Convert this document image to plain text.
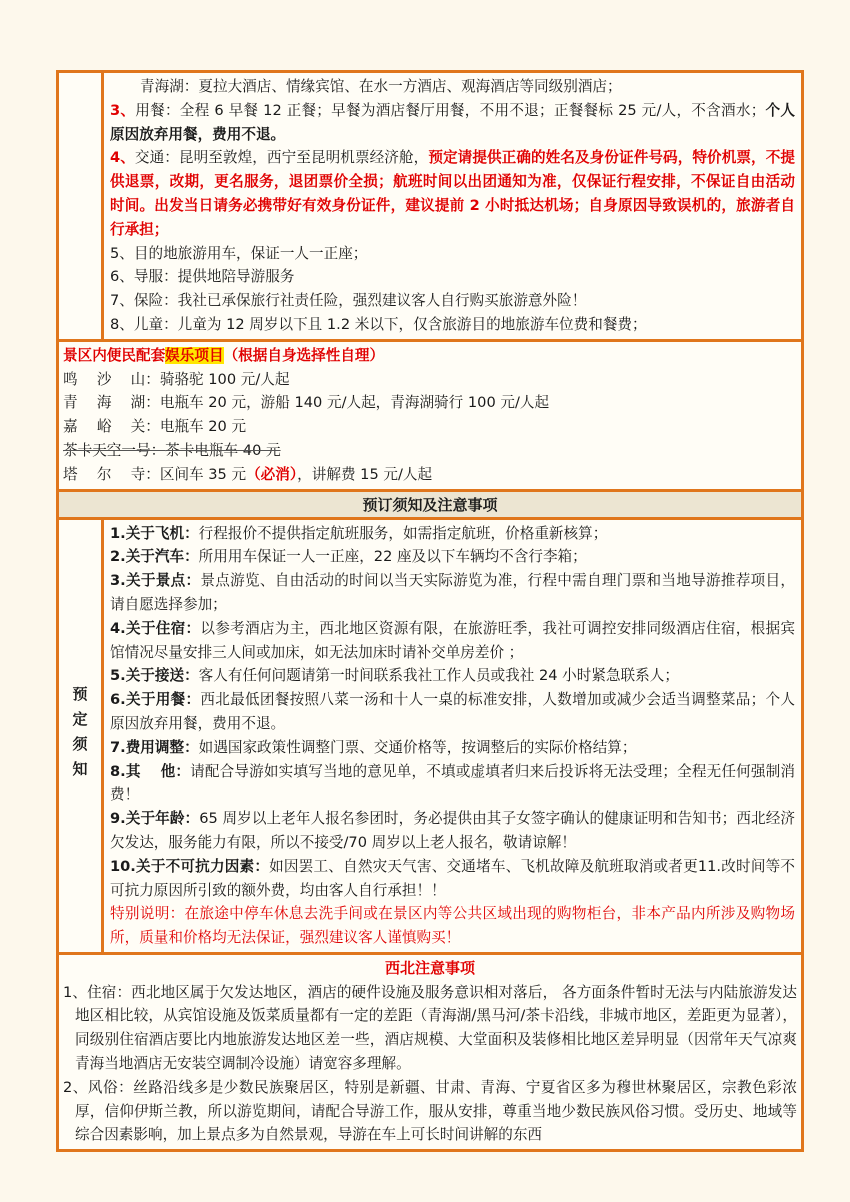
青海湖：夏拉大酒店、情缘宾馆、在水一方酒店、观海酒店等同级别酒店；
3、用餐：全程 6 早餐 12 正餐；早餐为酒店餐厅用餐，不用不退；正餐餐标 25 元/人，不含酒水；个人原因放弃用餐，费用不退。
4、交通：昆明至敦煌，西宁至昆明机票经济舱，预定请提供正确的姓名及身份证件号码，特价机票，不提供退票，改期，更名服务，退团票价全损；航班时间以出团通知为准，仅保证行程安排，不保证自由活动时间。出发当日请务必携带好有效身份证件，建议提前 2 小时抵达机场；自身原因导致误机的，旅游者自行承担；
5、目的地旅游用车，保证一人一正座；
6、导服：提供地陪导游服务
7、保险：我社已承保旅行社责任险，强烈建议客人自行购买旅游意外险！
8、儿童：儿童为 12 周岁以下且 1.2 米以下，仅含旅游目的地旅游车位费和餐费；
景区内便民配套娱乐项目（根据自身选择性自理）
鸣　 沙　 山：骑骆驼 100 元/人起
青　 海　 湖：电瓶车 20 元，游船 140 元/人起，青海湖骑行 100 元/人起
嘉　 峪　 关：电瓶车 20 元
茶卡天空一号：茶卡电瓶车 40 元
塔　 尔　 寺：区间车 35 元（必消），讲解费 15 元/人起
预订须知及注意事项
预定须知
1.关于飞机：行程报价不提供指定航班服务，如需指定航班，价格重新核算；
2.关于汽车：所用用车保证一人一正座，22 座及以下车辆均不含行李箱；
3.关于景点：景点游览、自由活动的时间以当天实际游览为准，行程中需自理门票和当地导游推荐项目，请自愿选择参加；
4.关于住宿：以参考酒店为主，西北地区资源有限，在旅游旺季，我社可调控安排同级酒店住宿，根据宾馆情况尽量安排三人间或加床，如无法加床时请补交单房差价 ；
5.关于接送：客人有任何问题请第一时间联系我社工作人员或我社 24 小时紧急联系人；
6.关于用餐：西北最低团餐按照八菜一汤和十人一桌的标准安排，人数增加或减少会适当调整菜品；个人原因放弃用餐，费用不退。
7.费用调整：如遇国家政策性调整门票、交通价格等，按调整后的实际价格结算；
8.其　 他：请配合导游如实填写当地的意见单，不填或虚填者归来后投诉将无法受理；全程无任何强制消费！
9.关于年龄：65 周岁以上老年人报名参团时，务必提供由其子女签字确认的健康证明和告知书；西北经济欠发达，服务能力有限，所以不接受/70 周岁以上老人报名，敬请谅解！
10.关于不可抗力因素：如因罢工、自然灾天气害、交通堵车、飞机故障及航班取消或者更11.改时间等不可抗力原因所引致的额外费，均由客人自行承担！！
特别说明：在旅途中停车休息去洗手间或在景区内等公共区域出现的购物柜台，非本产品内所涉及购物场所，质量和价格均无法保证，强烈建议客人谨慎购买！
西北注意事项
1、住宿：西北地区属于欠发达地区，酒店的硬件设施及服务意识相对落后， 各方面条件暂时无法与内陆旅游发达地区相比较，从宾馆设施及饭菜质量都有一定的差距（青海湖/黑马河/茶卡沿线，非城市地区，差距更为显著），同级别住宿酒店要比内地旅游发达地区差一些，酒店规模、大堂面积及装修相比地区差异明显（因常年天气凉爽青海当地酒店无安装空调制冷设施）请宽容多理解。
2、风俗：丝路沿线多是少数民族聚居区，特别是新疆、甘肃、青海、宁夏省区多为穆世林聚居区，宗教色彩浓厚，信仰伊斯兰教，所以游览期间，请配合导游工作，服从安排，尊重当地少数民族风俗习惯。受历史、地域等综合因素影响，加上景点多为自然景观，导游在车上可长时间讲解的东西
